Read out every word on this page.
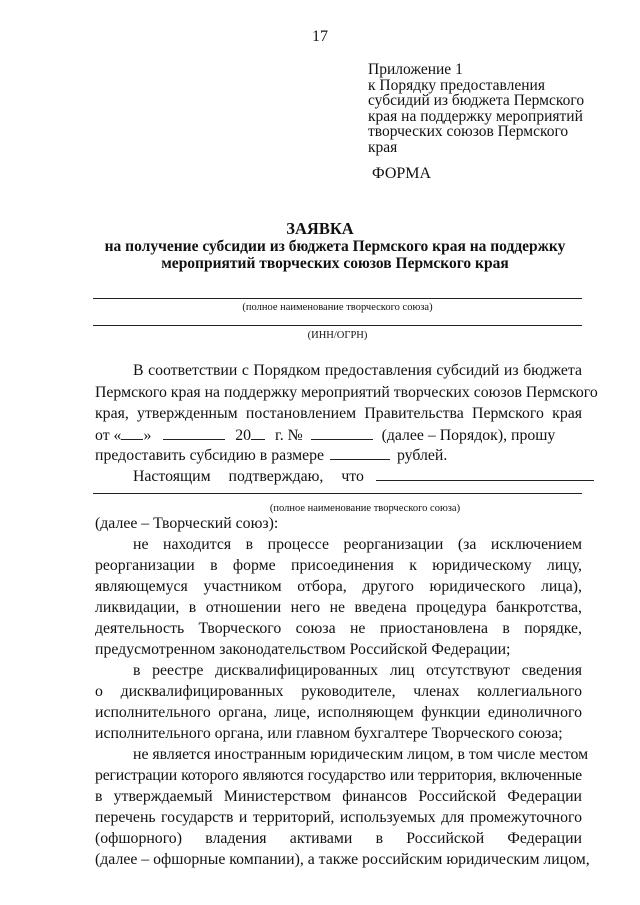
17
Приложение 1
к Порядку предоставления
субсидий из бюджета Пермского
края на поддержку мероприятий
творческих союзов Пермского
края
ФОРМА
ЗАЯВКА
на получение субсидии из бюджета Пермского края на поддержку
мероприятий творческих союзов Пермского края
(полное наименование творческого союза)
(ИНН/ОГРН)
В соответствии с Порядком предоставления субсидий из бюджета
Пермского края на поддержку мероприятий творческих союзов Пермского
края, утвержденным постановлением Правительства Пермского края
от « »	20 г. №	(далее – Порядок), прошу
предоставить субсидию в размере	рублей.
Настоящим подтверждаю, что
(полное наименование творческого союза)
(далее – Творческий союз):
не находится в процессе реорганизации (за исключением
реорганизации в форме присоединения к юридическому лицу,
являющемуся участником отбора, другого юридического лица),
ликвидации, в отношении него не введена процедура банкротства,
деятельность Творческого союза не приостановлена в порядке,
предусмотренном законодательством Российской Федерации;
в реестре дисквалифицированных лиц отсутствуют сведения
о дисквалифицированных руководителе, членах коллегиального
исполнительного органа, лице, исполняющем функции единоличного
исполнительного органа, или главном бухгалтере Творческого союза;
не является иностранным юридическим лицом, в том числе местом
регистрации которого являются государство или территория, включенные
в утверждаемый Министерством финансов Российской Федерации
перечень государств и территорий, используемых для промежуточного
(офшорного) владения активами в Российской Федерации
(далее – офшорные компании), а также российским юридическим лицом,
